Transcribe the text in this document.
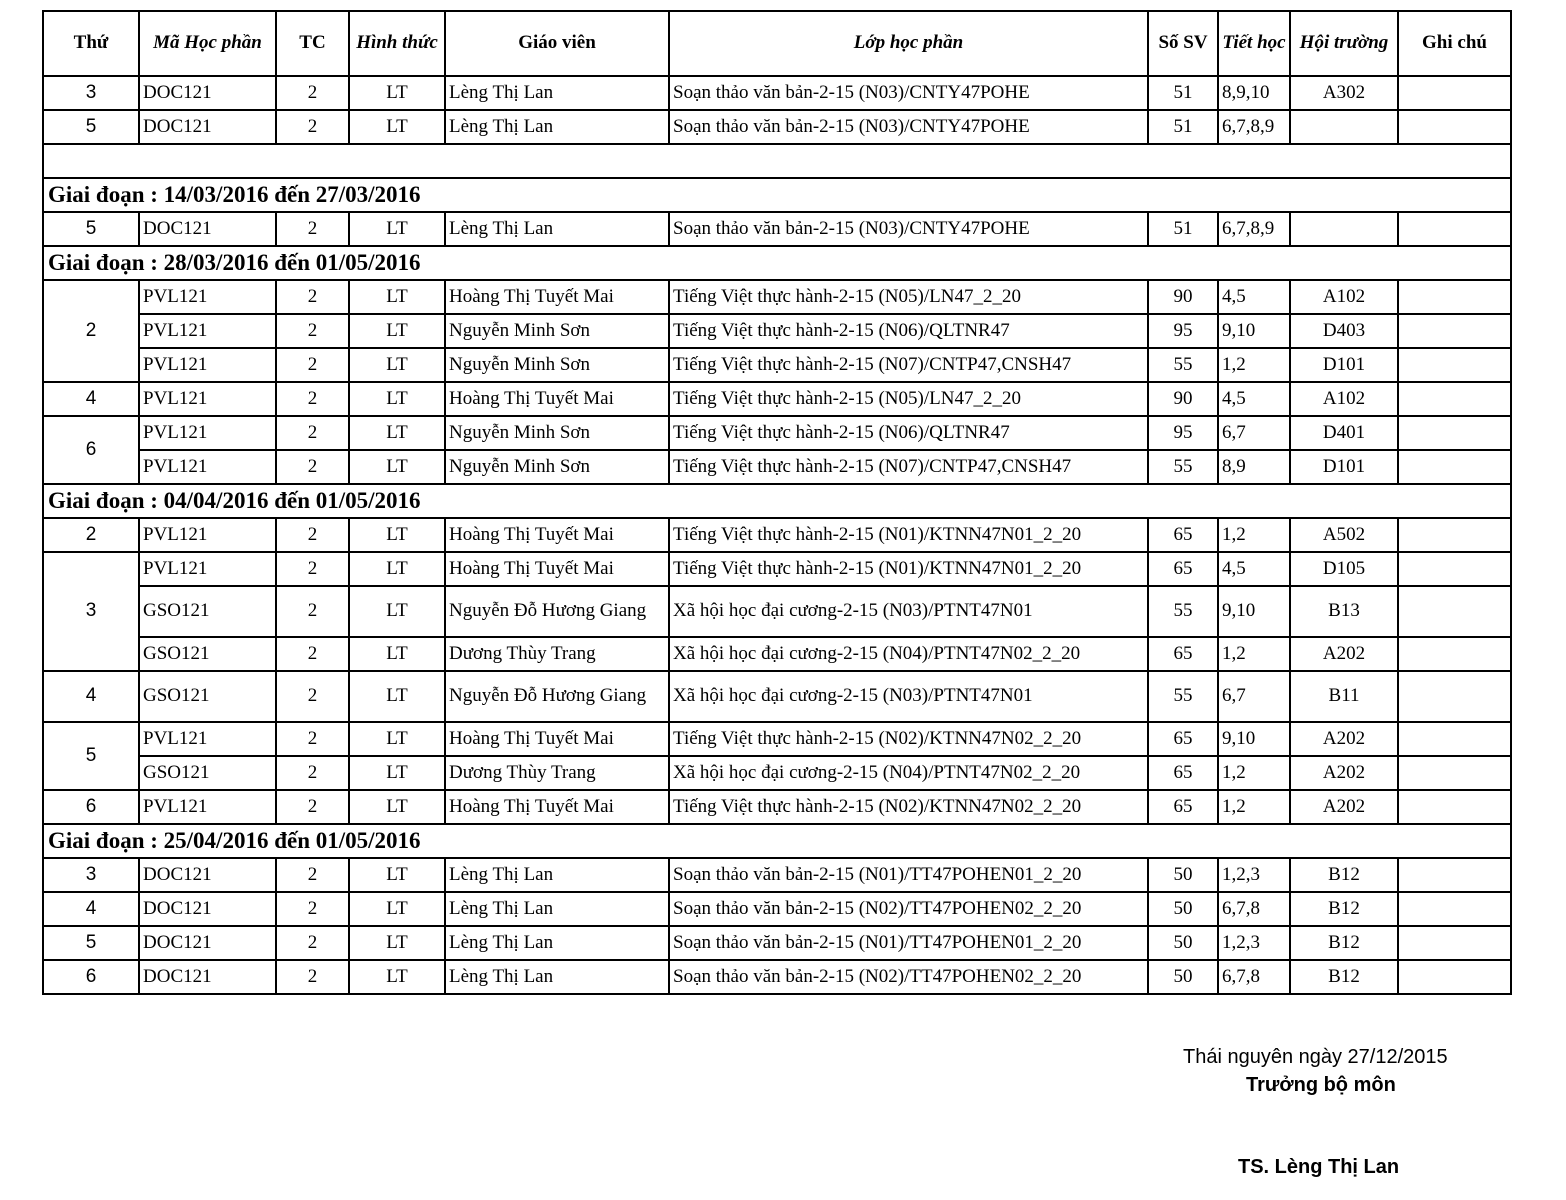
Thứ	Mã Học phần	TC	Hình thức	Giáo viên	Lớp học phần	Số SV	Tiết học	Hội trường	Ghi chú
3	DOC121	2	LT	Lèng Thị Lan	Soạn thảo văn bản-2-15 (N03)/CNTY47POHE	51	8,9,10	A302	
5	DOC121	2	LT	Lèng Thị Lan	Soạn thảo văn bản-2-15 (N03)/CNTY47POHE	51	6,7,8,9		

Giai đoạn : 14/03/2016 đến 27/03/2016									
5	DOC121	2	LT	Lèng Thị Lan	Soạn thảo văn bản-2-15 (N03)/CNTY47POHE	51	6,7,8,9		
Giai đoạn : 28/03/2016 đến 01/05/2016									
2	PVL121	2	LT	Hoàng Thị Tuyết Mai	Tiếng Việt thực hành-2-15 (N05)/LN47_2_20	90	4,5	A102	
	PVL121	2	LT	Nguyễn Minh Sơn	Tiếng Việt thực hành-2-15 (N06)/QLTNR47	95	9,10	D403	
	PVL121	2	LT	Nguyễn Minh Sơn	Tiếng Việt thực hành-2-15 (N07)/CNTP47,CNSH47	55	1,2	D101	
4	PVL121	2	LT	Hoàng Thị Tuyết Mai	Tiếng Việt thực hành-2-15 (N05)/LN47_2_20	90	4,5	A102	
6	PVL121	2	LT	Nguyễn Minh Sơn	Tiếng Việt thực hành-2-15 (N06)/QLTNR47	95	6,7	D401	
	PVL121	2	LT	Nguyễn Minh Sơn	Tiếng Việt thực hành-2-15 (N07)/CNTP47,CNSH47	55	8,9	D101	
Giai đoạn : 04/04/2016 đến 01/05/2016									
2	PVL121	2	LT	Hoàng Thị Tuyết Mai	Tiếng Việt thực hành-2-15 (N01)/KTNN47N01_2_20	65	1,2	A502	
3	PVL121	2	LT	Hoàng Thị Tuyết Mai	Tiếng Việt thực hành-2-15 (N01)/KTNN47N01_2_20	65	4,5	D105	
	GSO121	2	LT	Nguyễn Đỗ Hương Giang	Xã hội học đại cương-2-15 (N03)/PTNT47N01	55	9,10	B13	
	GSO121	2	LT	Dương Thùy Trang	Xã hội học đại cương-2-15 (N04)/PTNT47N02_2_20	65	1,2	A202	
4	GSO121	2	LT	Nguyễn Đỗ Hương Giang	Xã hội học đại cương-2-15 (N03)/PTNT47N01	55	6,7	B11	
5	PVL121	2	LT	Hoàng Thị Tuyết Mai	Tiếng Việt thực hành-2-15 (N02)/KTNN47N02_2_20	65	9,10	A202	
	GSO121	2	LT	Dương Thùy Trang	Xã hội học đại cương-2-15 (N04)/PTNT47N02_2_20	65	1,2	A202	
6	PVL121	2	LT	Hoàng Thị Tuyết Mai	Tiếng Việt thực hành-2-15 (N02)/KTNN47N02_2_20	65	1,2	A202	
Giai đoạn : 25/04/2016 đến 01/05/2016									
3	DOC121	2	LT	Lèng Thị Lan	Soạn thảo văn bản-2-15 (N01)/TT47POHEN01_2_20	50	1,2,3	B12	
4	DOC121	2	LT	Lèng Thị Lan	Soạn thảo văn bản-2-15 (N02)/TT47POHEN02_2_20	50	6,7,8	B12	
5	DOC121	2	LT	Lèng Thị Lan	Soạn thảo văn bản-2-15 (N01)/TT47POHEN01_2_20	50	1,2,3	B12	
6	DOC121	2	LT	Lèng Thị Lan	Soạn thảo văn bản-2-15 (N02)/TT47POHEN02_2_20	50	6,7,8	B12	
Thái nguyên ngày 27/12/2015
Trưởng bộ môn
TS. Lèng Thị Lan
